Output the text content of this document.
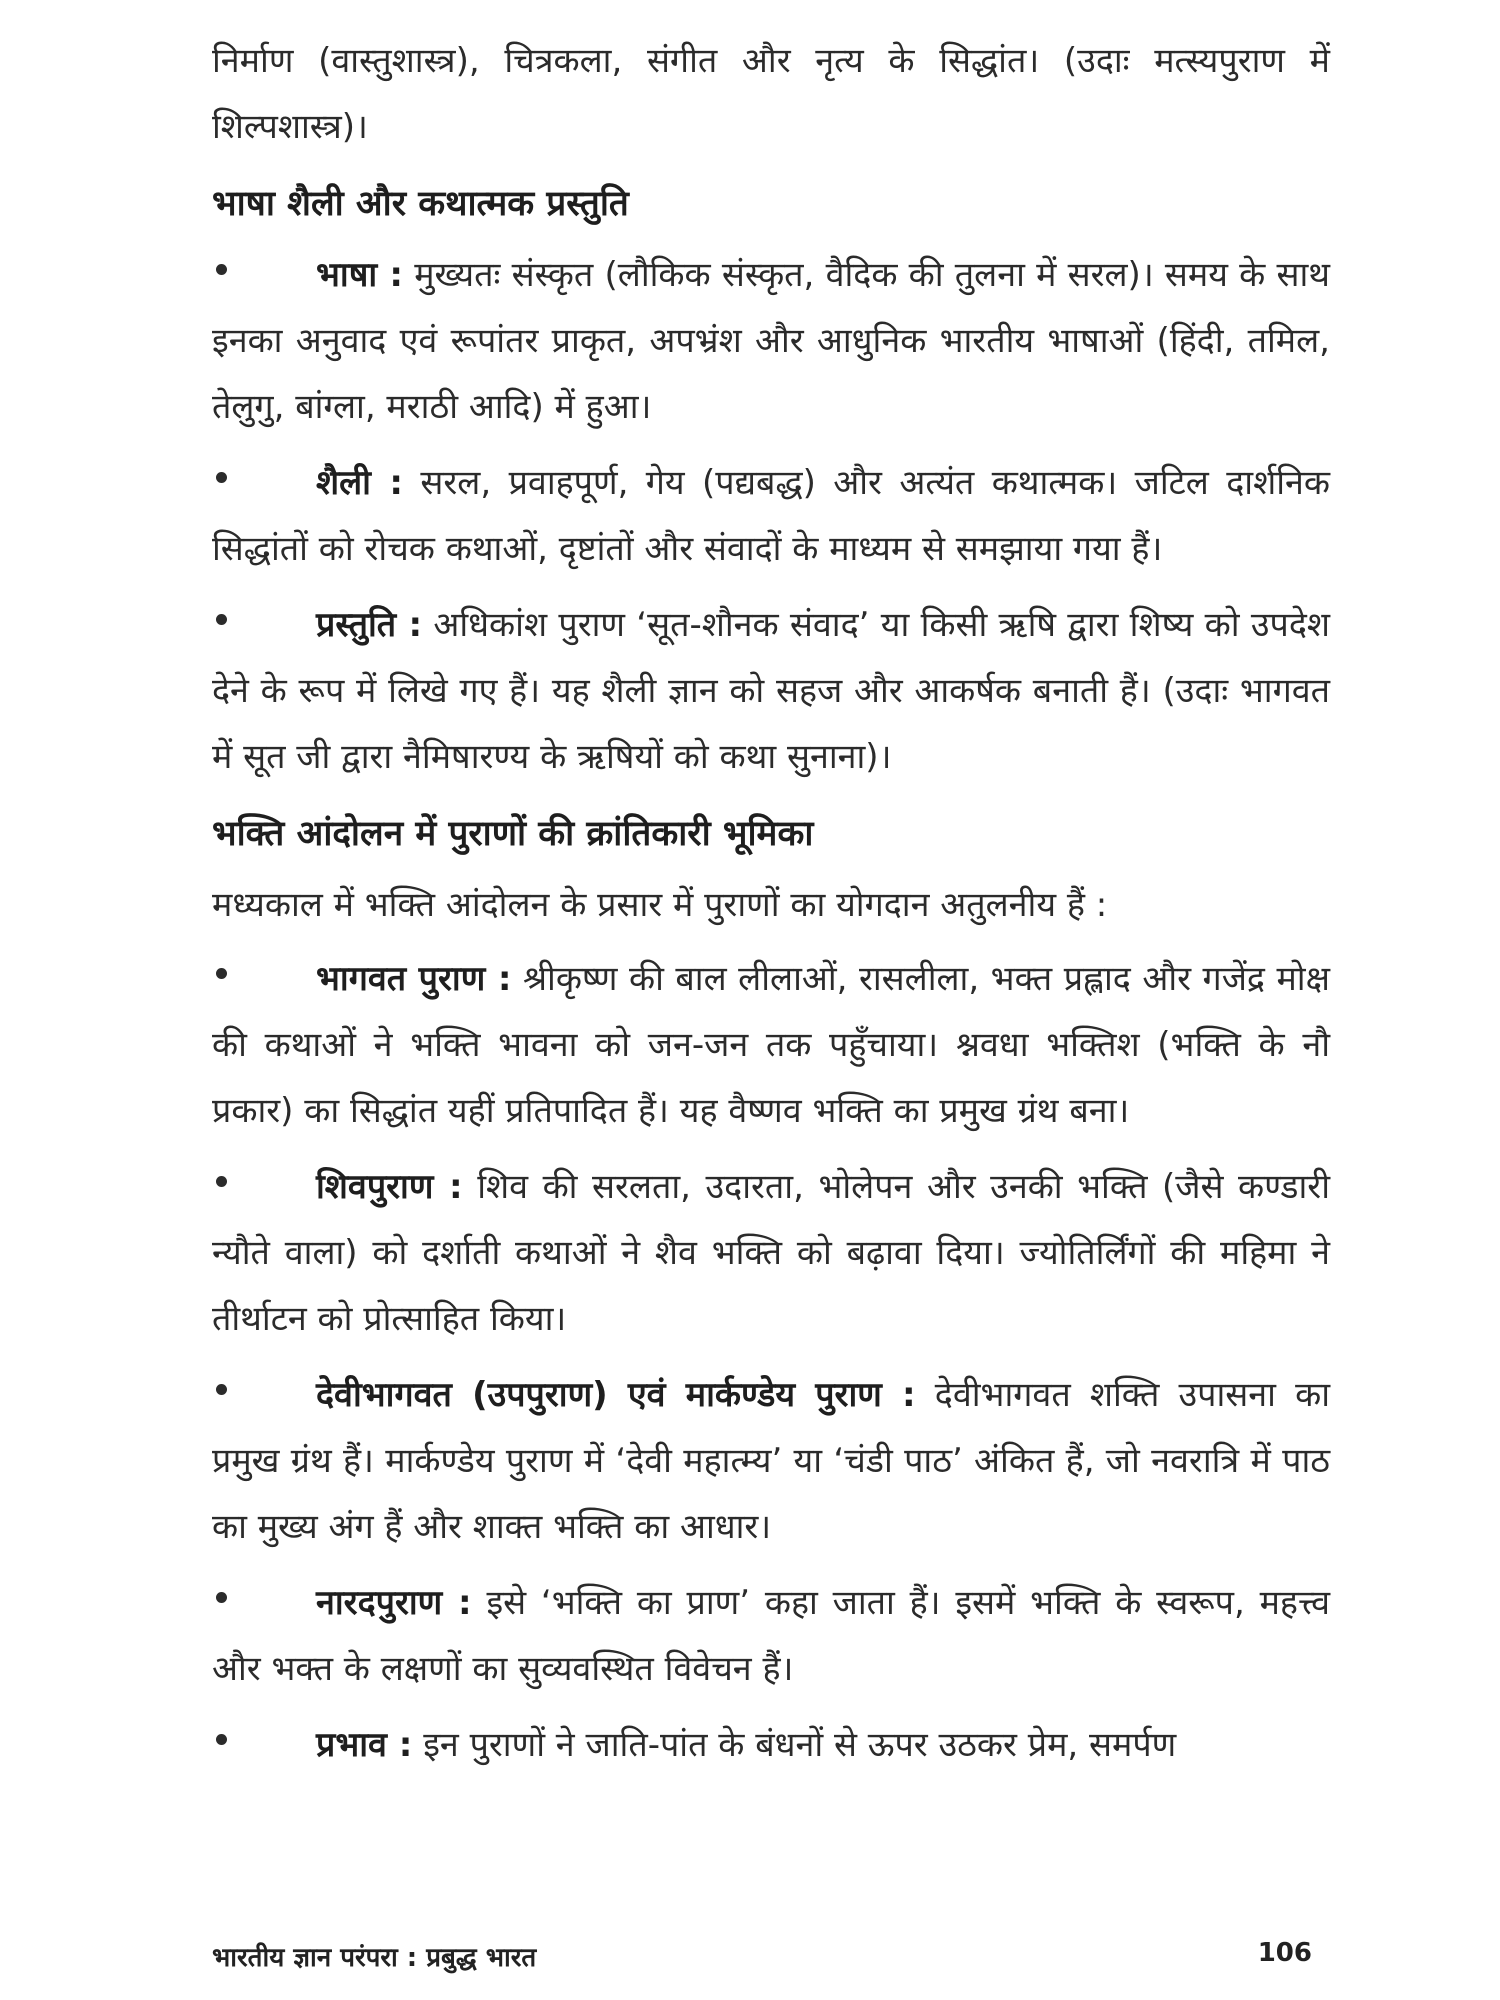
निर्माण (वास्तुशास्त्र), चित्रकला, संगीत और नृत्य के सिद्धांत। (उदाः मत्स्यपुराण में शिल्पशास्त्र)।

भाषा शैली और कथात्मक प्रस्तुति

भाषा : मुख्यतः संस्कृत (लौकिक संस्कृत, वैदिक की तुलना में सरल)। समय के साथ इनका अनुवाद एवं रूपांतर प्राकृत, अपभ्रंश और आधुनिक भारतीय भाषाओं (हिंदी, तमिल, तेलुगु, बांग्ला, मराठी आदि) में हुआ।

शैली : सरल, प्रवाहपूर्ण, गेय (पद्यबद्ध) और अत्यंत कथात्मक। जटिल दार्शनिक सिद्धांतों को रोचक कथाओं, दृष्टांतों और संवादों के माध्यम से समझाया गया हैं।

प्रस्तुति : अधिकांश पुराण ‘सूत-शौनक संवाद’ या किसी ऋषि द्वारा शिष्य को उपदेश देने के रूप में लिखे गए हैं। यह शैली ज्ञान को सहज और आकर्षक बनाती हैं। (उदाः भागवत में सूत जी द्वारा नैमिषारण्य के ऋषियों को कथा सुनाना)।

भक्ति आंदोलन में पुराणों की क्रांतिकारी भूमिका

मध्यकाल में भक्ति आंदोलन के प्रसार में पुराणों का योगदान अतुलनीय हैं :

भागवत पुराण : श्रीकृष्ण की बाल लीलाओं, रासलीला, भक्त प्रह्लाद और गजेंद्र मोक्ष की कथाओं ने भक्ति भावना को जन-जन तक पहुँचाया। श्नवधा भक्तिश (भक्ति के नौ प्रकार) का सिद्धांत यहीं प्रतिपादित हैं। यह वैष्णव भक्ति का प्रमुख ग्रंथ बना।

शिवपुराण : शिव की सरलता, उदारता, भोलेपन और उनकी भक्ति (जैसे कण्डारी न्यौते वाला) को दर्शाती कथाओं ने शैव भक्ति को बढ़ावा दिया। ज्योतिर्लिंगों की महिमा ने तीर्थाटन को प्रोत्साहित किया।

देवीभागवत (उपपुराण) एवं मार्कण्डेय पुराण : देवीभागवत शक्ति उपासना का प्रमुख ग्रंथ हैं। मार्कण्डेय पुराण में ‘देवी महात्म्य’ या ‘चंडी पाठ’ अंकित हैं, जो नवरात्रि में पाठ का मुख्य अंग हैं और शाक्त भक्ति का आधार।

नारदपुराण : इसे ‘भक्ति का प्राण’ कहा जाता हैं। इसमें भक्ति के स्वरूप, महत्त्व और भक्त के लक्षणों का सुव्यवस्थित विवेचन हैं।

प्रभाव : इन पुराणों ने जाति-पांत के बंधनों से ऊपर उठकर प्रेम, समर्पण

भारतीय ज्ञान परंपरा : प्रबुद्ध भारत	106
